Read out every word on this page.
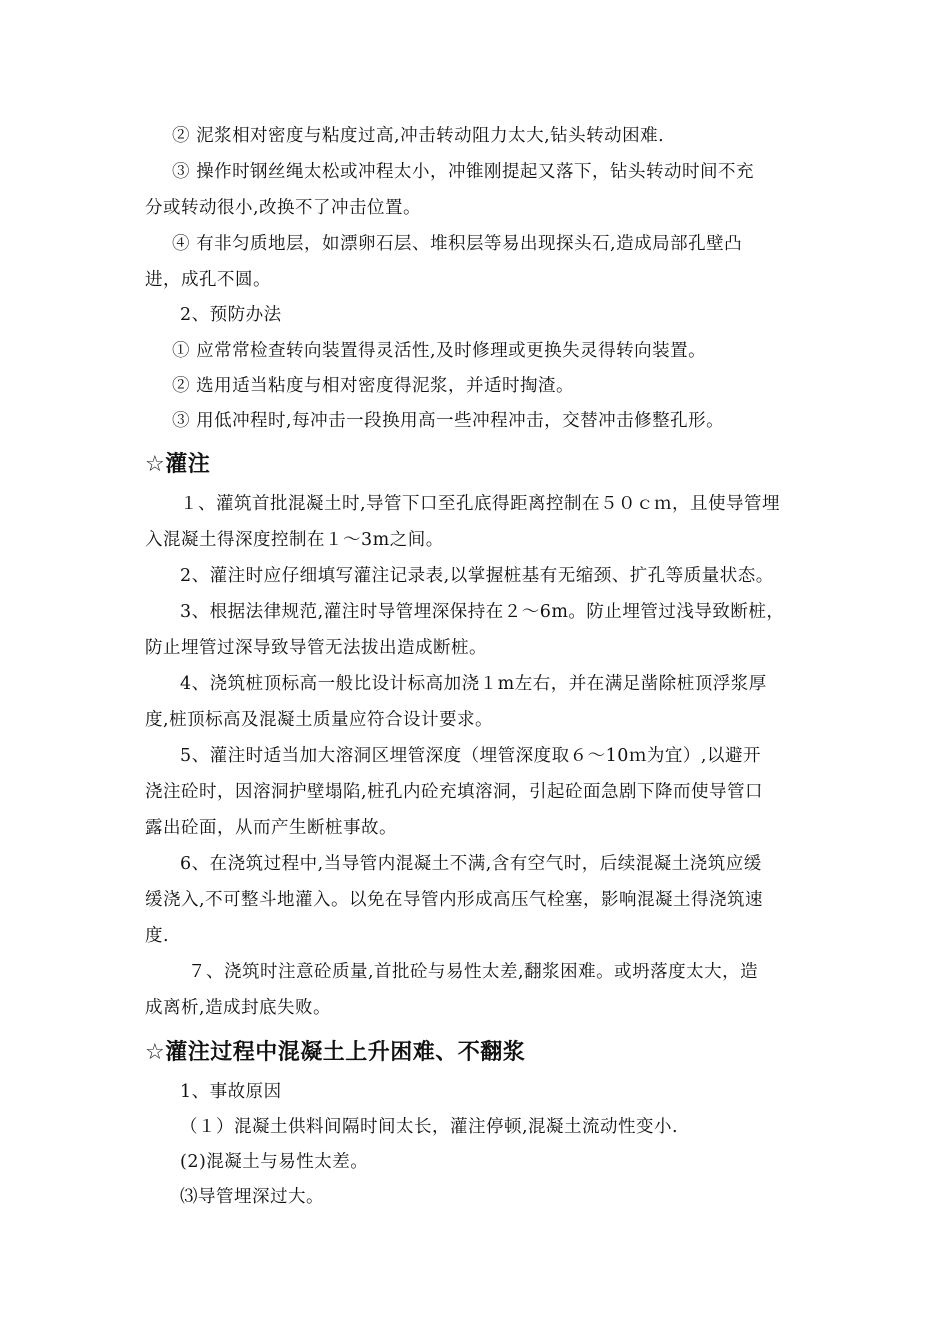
② 泥浆相对密度与粘度过高,冲击转动阻力太大,钻头转动困难.
③ 操作时钢丝绳太松或冲程太小，冲锥刚提起又落下，钻头转动时间不充
分或转动很小,改换不了冲击位置。
④ 有非匀质地层，如漂卵石层、堆积层等易出现探头石,造成局部孔壁凸
进，成孔不圆。
2、预防办法
① 应常常检查转向装置得灵活性,及时修理或更换失灵得转向装置。
② 选用适当粘度与相对密度得泥浆，并适时掏渣。
③ 用低冲程时,每冲击一段换用高一些冲程冲击，交替冲击修整孔形。
☆灌注
１、灌筑首批混凝土时,导管下口至孔底得距离控制在５０ｃｍ，且使导管埋
入混凝土得深度控制在１～3m之间。
2、灌注时应仔细填写灌注记录表,以掌握桩基有无缩颈、扩孔等质量状态。
3、根据法律规范,灌注时导管埋深保持在２～6m。防止埋管过浅导致断桩，
防止埋管过深导致导管无法拔出造成断桩。
4、浇筑桩顶标高一般比设计标高加浇１m左右，并在满足凿除桩顶浮浆厚
度,桩顶标高及混凝土质量应符合设计要求。
5、灌注时适当加大溶洞区埋管深度（埋管深度取６～10ｍ为宜）,以避开
浇注砼时，因溶洞护壁塌陷,桩孔内砼充填溶洞，引起砼面急剧下降而使导管口
露出砼面，从而产生断桩事故。
6、在浇筑过程中,当导管内混凝土不满,含有空气时，后续混凝土浇筑应缓
缓浇入,不可整斗地灌入。以免在导管内形成高压气栓塞，影响混凝土得浇筑速
度.
７、浇筑时注意砼质量,首批砼与易性太差,翻浆困难。或坍落度太大，造
成离析,造成封底失败。
☆灌注过程中混凝土上升困难、不翻浆
1、事故原因
（１）混凝土供料间隔时间太长，灌注停顿,混凝土流动性变小.
(2)混凝土与易性太差。
⑶导管埋深过大。
